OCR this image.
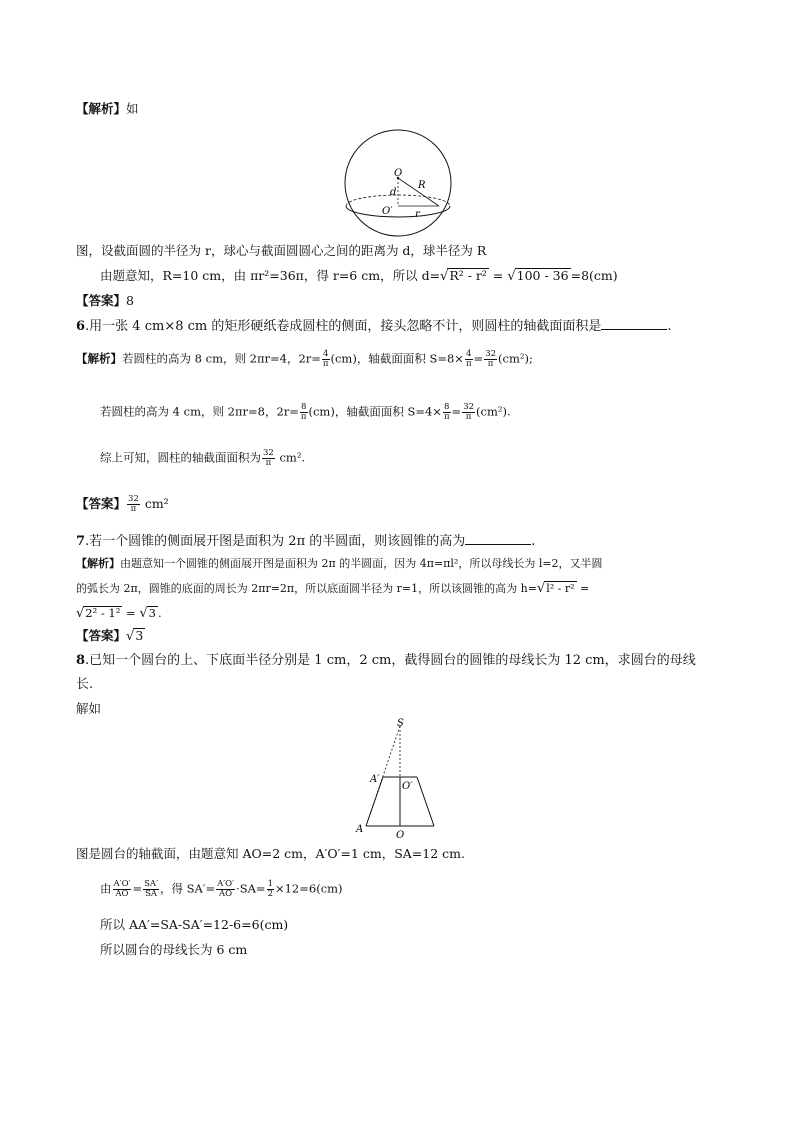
【解析】如
O
R
d
O′ r
图，设截面圆的半径为 r，球心与截面圆圆心之间的距离为 d，球半径为 R
由题意知，R=10 cm，由 πr²=36π，得 r=6 cm，所以 d=√R² - r² = √100 - 36 =8(cm)
【答案】8
6.用一张 4 cm×8 cm 的矩形硬纸卷成圆柱的侧面，接头忽略不计，则圆柱的轴截面面积是	.
【解析】若圆柱的高为 8 cm，则 2πr=4，$2r= \frac{4}{\pi} (cm)$，轴截面面积 $S=8\times \frac{4}{\pi} = \frac{32}{\pi} (cm^2)$;
若圆柱的高为 4 cm，则 2πr=8，$2r= \frac{8}{\pi} (cm)$，轴截面面积 $S=4\times \frac{8}{\pi} = \frac{32}{\pi} (cm^2)$.
综上可知，圆柱的轴截面面积为 $\frac{32}{\pi} cm^2$.
【答案】 $\frac{32}{\pi} cm^2$
7.若一个圆锥的侧面展开图是面积为 2π 的半圆面，则该圆锥的高为	.
【解析】由题意知一个圆锥的侧面展开图是面积为 2π 的半圆面，因为 4π=πl²，所以母线长为 l=2，又半圆
的弧长为 2π，圆锥的底面的周长为 2πr=2π，所以底面圆半径为 r=1，所以该圆锥的高为 h=√l² - r² =
√2² - 1² = √3 .
【答案】√3
8.已知一个圆台的上、下底面半径分别是 1 cm，2 cm，截得圆台的圆锥的母线长为 12 cm，求圆台的母线
长.
解如
S
A′
O′
A
O
图是圆台的轴截面，由题意知 AO=2 cm，A′O′=1 cm，SA=12 cm.
由 $\frac{A'O'}{AO} = \frac{SA'}{SA}$ ，得 $SA'= \frac{A'O'}{AO} \cdot SA= \frac{1}{2} \times 12=6(cm)$
所以 AA′=SA-SA′=12-6=6(cm)
所以圆台的母线长为 6 cm
